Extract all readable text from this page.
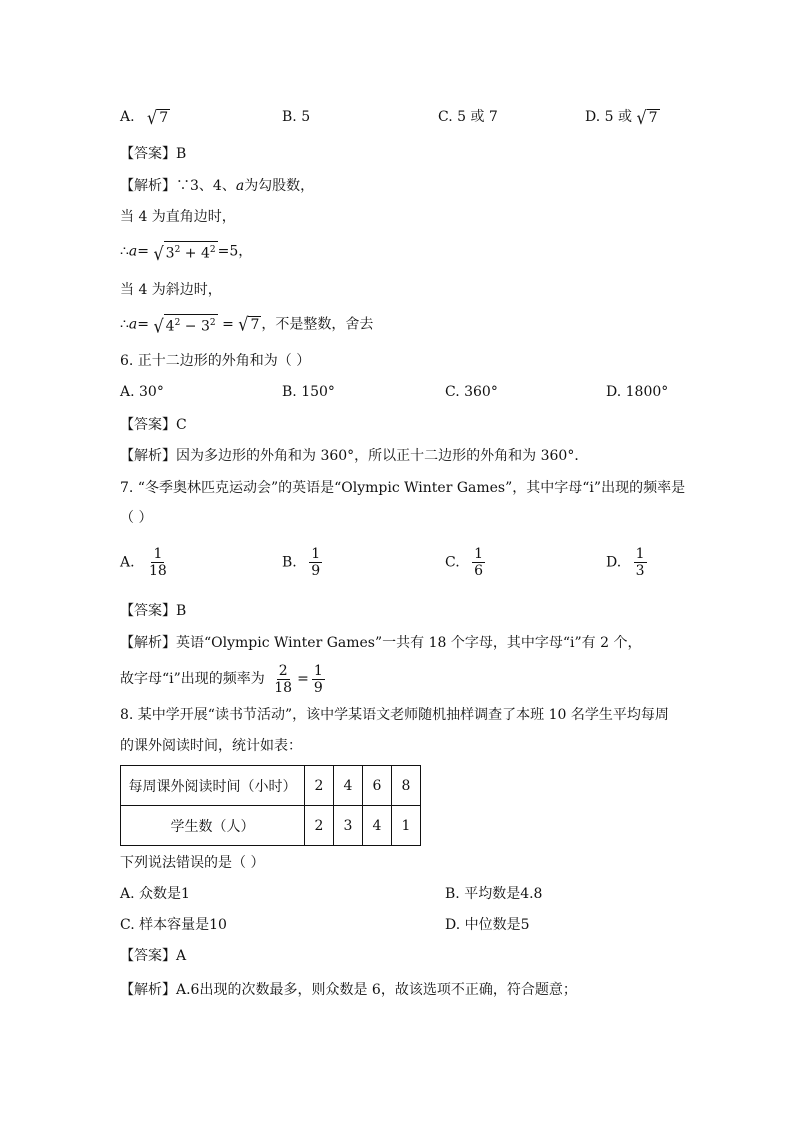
A. √ 7	B. 5	C. 5 或 7	D. 5 或 √ 7
【答案】B
【解析】∵3、4、a为勾股数，
当 4 为直角边时，
∴a= √ $3^2 + 4^2 =5$，
当 4 为斜边时，
∴a= √ $4^2 - 3^2$ = √ 7 ，不是整数，舍去
6. 正十二边形的外角和为（ ）
A. 30°	B. 150°	C. 360°	D. 1800°
【答案】C
【解析】因为多边形的外角和为 360°，所以正十二边形的外角和为 360°．
7. “冬季奥林匹克运动会”的英语是“Olympic Winter Games”，其中字母“i”出现的频率是
（ ）
A. $\frac{1}{18}$	B. $\frac{1}{9}$	C. $\frac{1}{6}$	D. $\frac{1}{3}$
【答案】B
【解析】英语“Olympic Winter Games”一共有 18 个字母，其中字母“i”有 2 个，
故字母“i”出现的频率为 $\frac{2}{18} = \frac{1}{9}$
8. 某中学开展“读书节活动”，该中学某语文老师随机抽样调查了本班 10 名学生平均每周
的课外阅读时间，统计如表：
每周课外阅读时间（小时）	2	4	6	8
学生数（人）	2	3	4	1
下列说法错误的是（ ）
A. 众数是1	B. 平均数是4.8
C. 样本容量是10	D. 中位数是5
【答案】A
【解析】A.6出现的次数最多，则众数是 6，故该选项不正确，符合题意；
